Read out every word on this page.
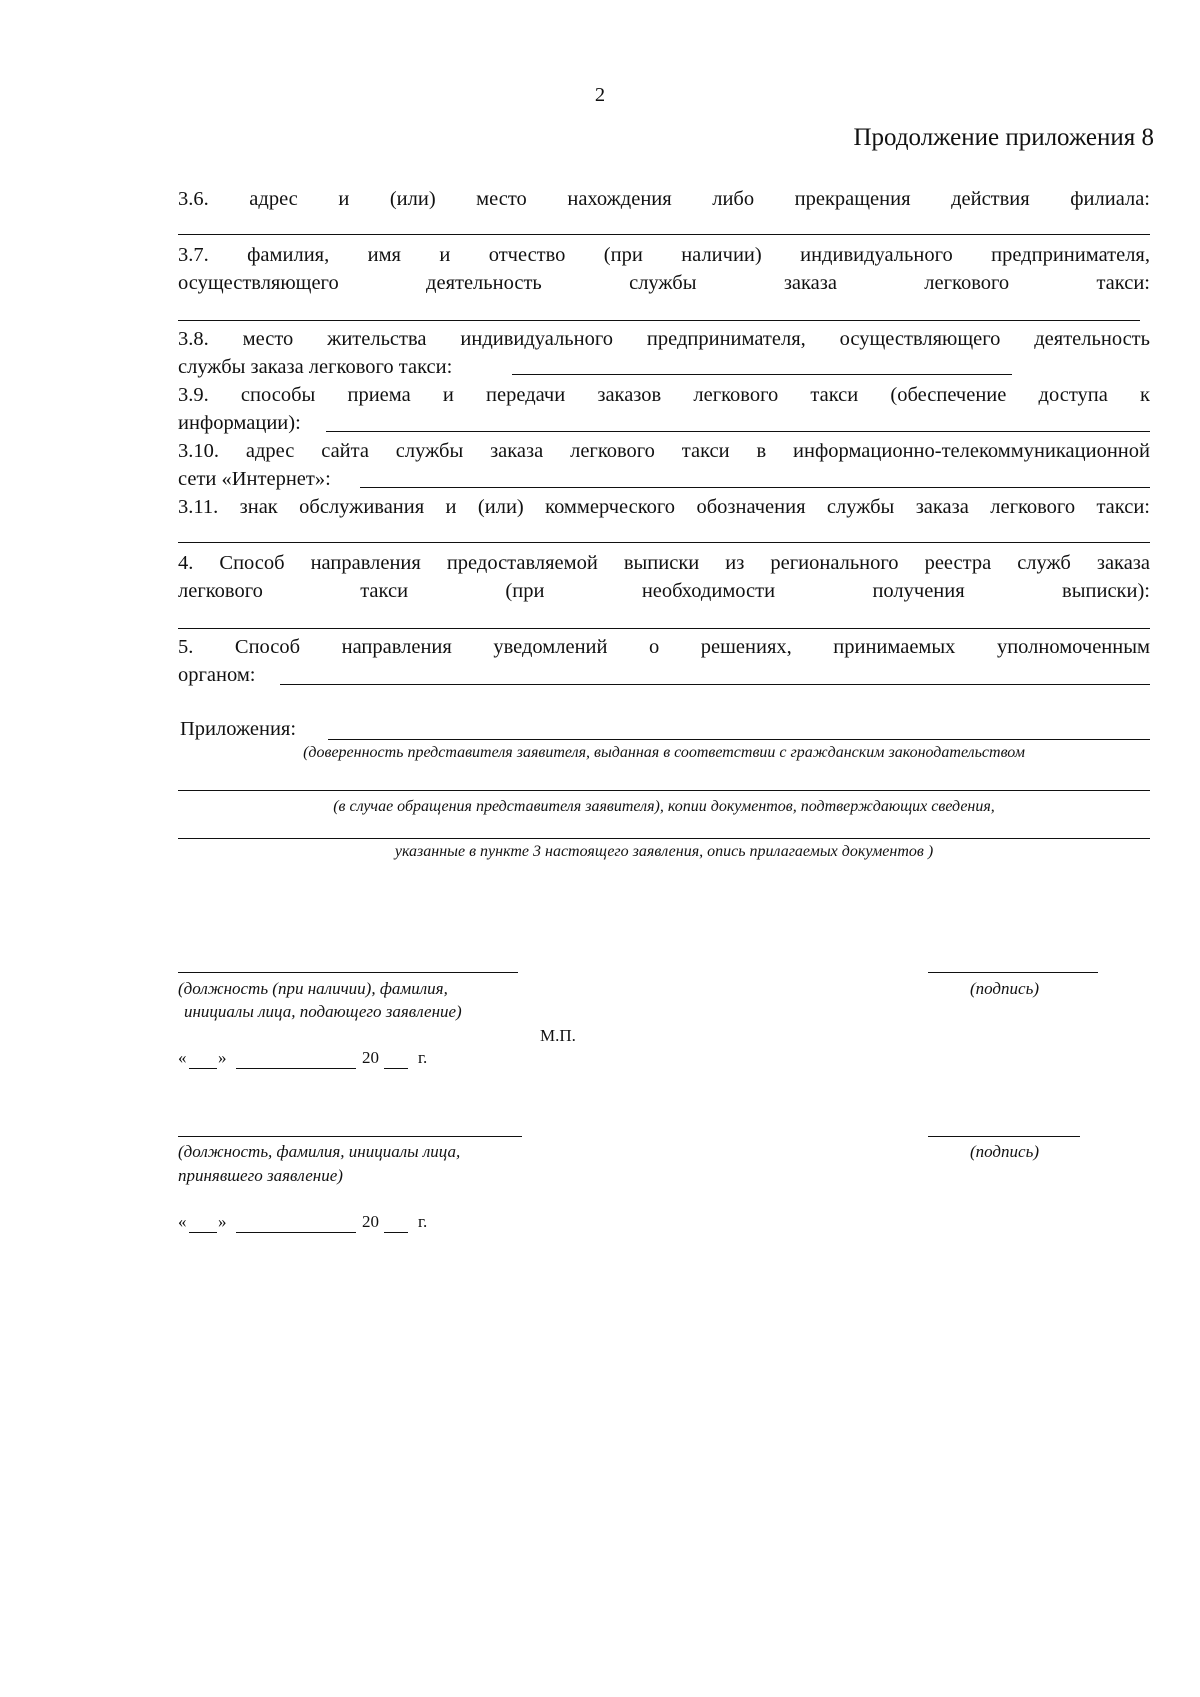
2
Продолжение приложения 8
3.6. адрес и (или) место нахождения либо прекращения действия филиала:
3.7. фамилия, имя и отчество (при наличии) индивидуального предпринимателя,
осуществляющего деятельность службы заказа легкового такси:
3.8. место жительства индивидуального предпринимателя, осуществляющего деятельность
службы заказа легкового такси:
3.9. способы приема и передачи заказов легкового такси (обеспечение доступа к
информации):
3.10. адрес сайта службы заказа легкового такси в информационно-телекоммуникационной
сети «Интернет»:
3.11. знак обслуживания и (или) коммерческого обозначения службы заказа легкового такси:
4. Способ направления предоставляемой выписки из регионального реестра служб заказа
легкового такси (при необходимости получения выписки):
5. Способ направления уведомлений о решениях, принимаемых уполномоченным
органом:
Приложения:
(доверенность представителя заявителя, выданная в соответствии с гражданским законодательством
(в случае обращения представителя заявителя), копии документов, подтверждающих сведения,
указанные в пункте 3 настоящего заявления, опись прилагаемых документов )
(должность (при наличии), фамилия,
инициалы лица, подающего заявление)
(подпись)
М.П.
« »	20 г.
(должность, фамилия, инициалы лица,
принявшего заявление)
(подпись)
« »	20 г.
